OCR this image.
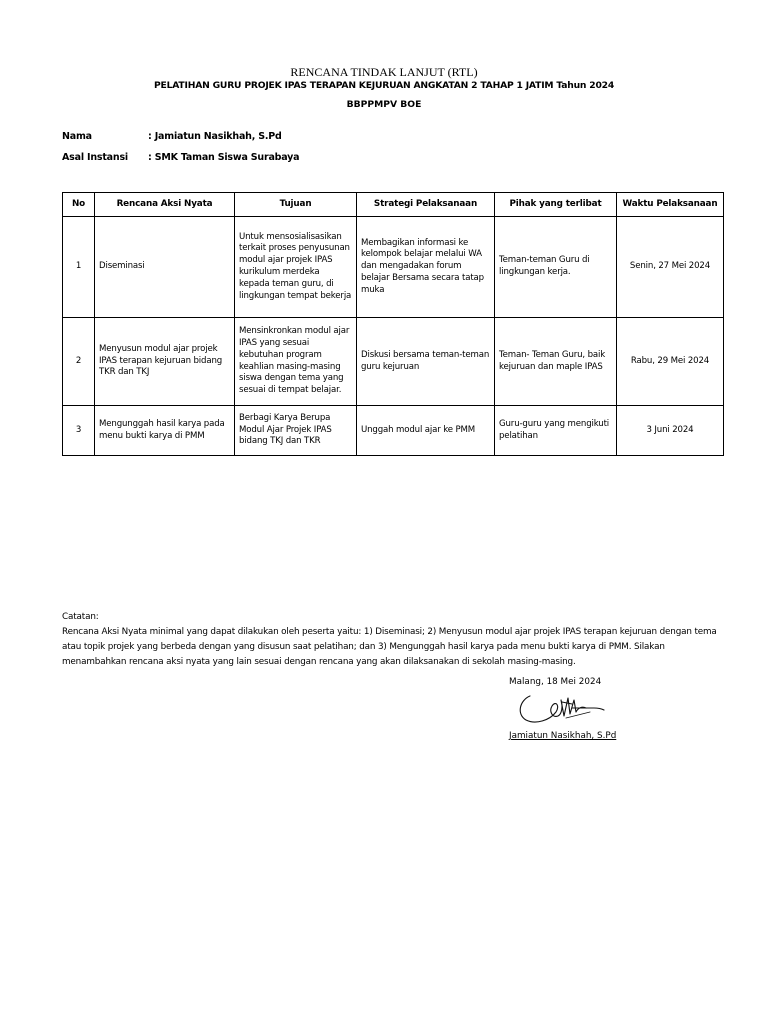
RENCANA TINDAK LANJUT (RTL)
PELATIHAN GURU PROJEK IPAS TERAPAN KEJURUAN ANGKATAN 2 TAHAP 1 JATIM Tahun 2024
BBPPMPV BOE
Nama	: Jamiatun Nasikhah, S.Pd
Asal Instansi	: SMK Taman Siswa Surabaya
No	Rencana Aksi Nyata	Tujuan	Strategi Pelaksanaan	Pihak yang terlibat	Waktu Pelaksanaan
1	Diseminasi	Untuk mensosialisasikan terkait proses penyusunan modul ajar projek IPAS kurikulum merdeka kepada teman guru, di lingkungan tempat bekerja	Membagikan informasi ke kelompok belajar melalui WA dan mengadakan forum belajar Bersama secara tatap muka	Teman-teman Guru di lingkungan kerja.	Senin, 27 Mei 2024
2	Menyusun modul ajar projek IPAS terapan kejuruan bidang TKR dan TKJ	Mensinkronkan modul ajar IPAS yang sesuai kebutuhan program keahlian masing-masing siswa dengan tema yang sesuai di tempat belajar.	Diskusi bersama teman-teman guru kejuruan	Teman- Teman Guru, baik kejuruan dan maple IPAS	Rabu, 29 Mei 2024
3	Mengunggah hasil karya pada menu bukti karya di PMM	Berbagi Karya Berupa Modul Ajar Projek IPAS bidang TKJ dan TKR	Unggah modul ajar ke PMM	Guru-guru yang mengikuti pelatihan	3 Juni 2024
Catatan:
Rencana Aksi Nyata minimal yang dapat dilakukan oleh peserta yaitu: 1) Diseminasi; 2) Menyusun modul ajar projek IPAS terapan kejuruan dengan tema atau topik projek yang berbeda dengan yang disusun saat pelatihan; dan 3) Mengunggah hasil karya pada menu bukti karya di PMM. Silakan menambahkan rencana aksi nyata yang lain sesuai dengan rencana yang akan dilaksanakan di sekolah masing-masing.
Malang, 18 Mei 2024
Jamiatun Nasikhah, S.Pd
